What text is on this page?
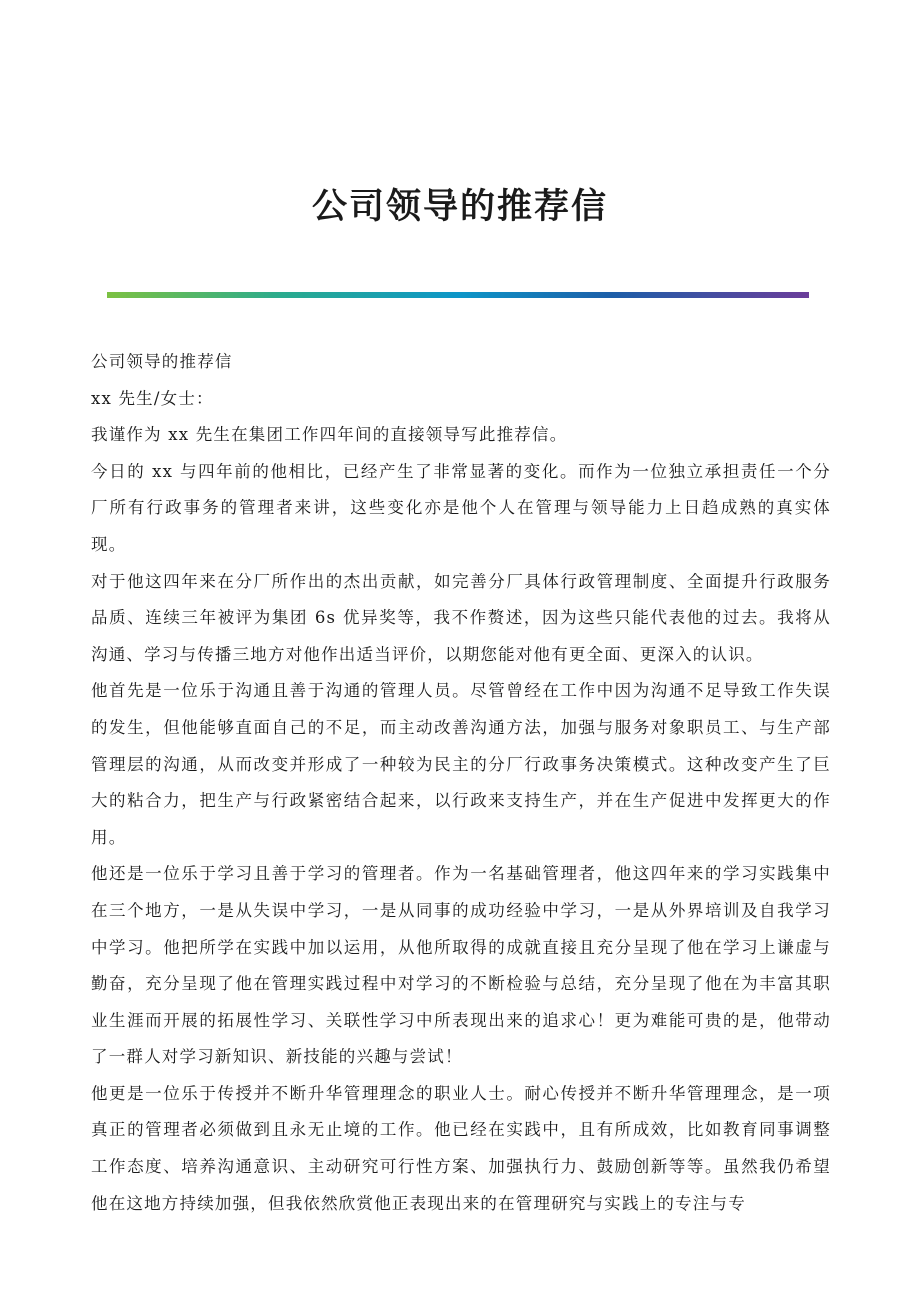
公司领导的推荐信

公司领导的推荐信

xx 先生/女士：

我谨作为 xx 先生在集团工作四年间的直接领导写此推荐信。

今日的 xx 与四年前的他相比，已经产生了非常显著的变化。而作为一位独立承担责任一个分厂所有行政事务的管理者来讲，这些变化亦是他个人在管理与领导能力上日趋成熟的真实体现。

对于他这四年来在分厂所作出的杰出贡献，如完善分厂具体行政管理制度、全面提升行政服务品质、连续三年被评为集团 6s 优异奖等，我不作赘述，因为这些只能代表他的过去。我将从沟通、学习与传播三地方对他作出适当评价，以期您能对他有更全面、更深入的认识。

他首先是一位乐于沟通且善于沟通的管理人员。尽管曾经在工作中因为沟通不足导致工作失误的发生，但他能够直面自己的不足，而主动改善沟通方法，加强与服务对象职员工、与生产部管理层的沟通，从而改变并形成了一种较为民主的分厂行政事务决策模式。这种改变产生了巨大的粘合力，把生产与行政紧密结合起来，以行政来支持生产，并在生产促进中发挥更大的作用。

他还是一位乐于学习且善于学习的管理者。作为一名基础管理者，他这四年来的学习实践集中在三个地方，一是从失误中学习，一是从同事的成功经验中学习，一是从外界培训及自我学习中学习。他把所学在实践中加以运用，从他所取得的成就直接且充分呈现了他在学习上谦虚与勤奋，充分呈现了他在管理实践过程中对学习的不断检验与总结，充分呈现了他在为丰富其职业生涯而开展的拓展性学习、关联性学习中所表现出来的追求心！更为难能可贵的是，他带动了一群人对学习新知识、新技能的兴趣与尝试！

他更是一位乐于传授并不断升华管理理念的职业人士。耐心传授并不断升华管理理念，是一项真正的管理者必须做到且永无止境的工作。他已经在实践中，且有所成效，比如教育同事调整工作态度、培养沟通意识、主动研究可行性方案、加强执行力、鼓励创新等等。虽然我仍希望他在这地方持续加强，但我依然欣赏他正表现出来的在管理研究与实践上的专注与专
